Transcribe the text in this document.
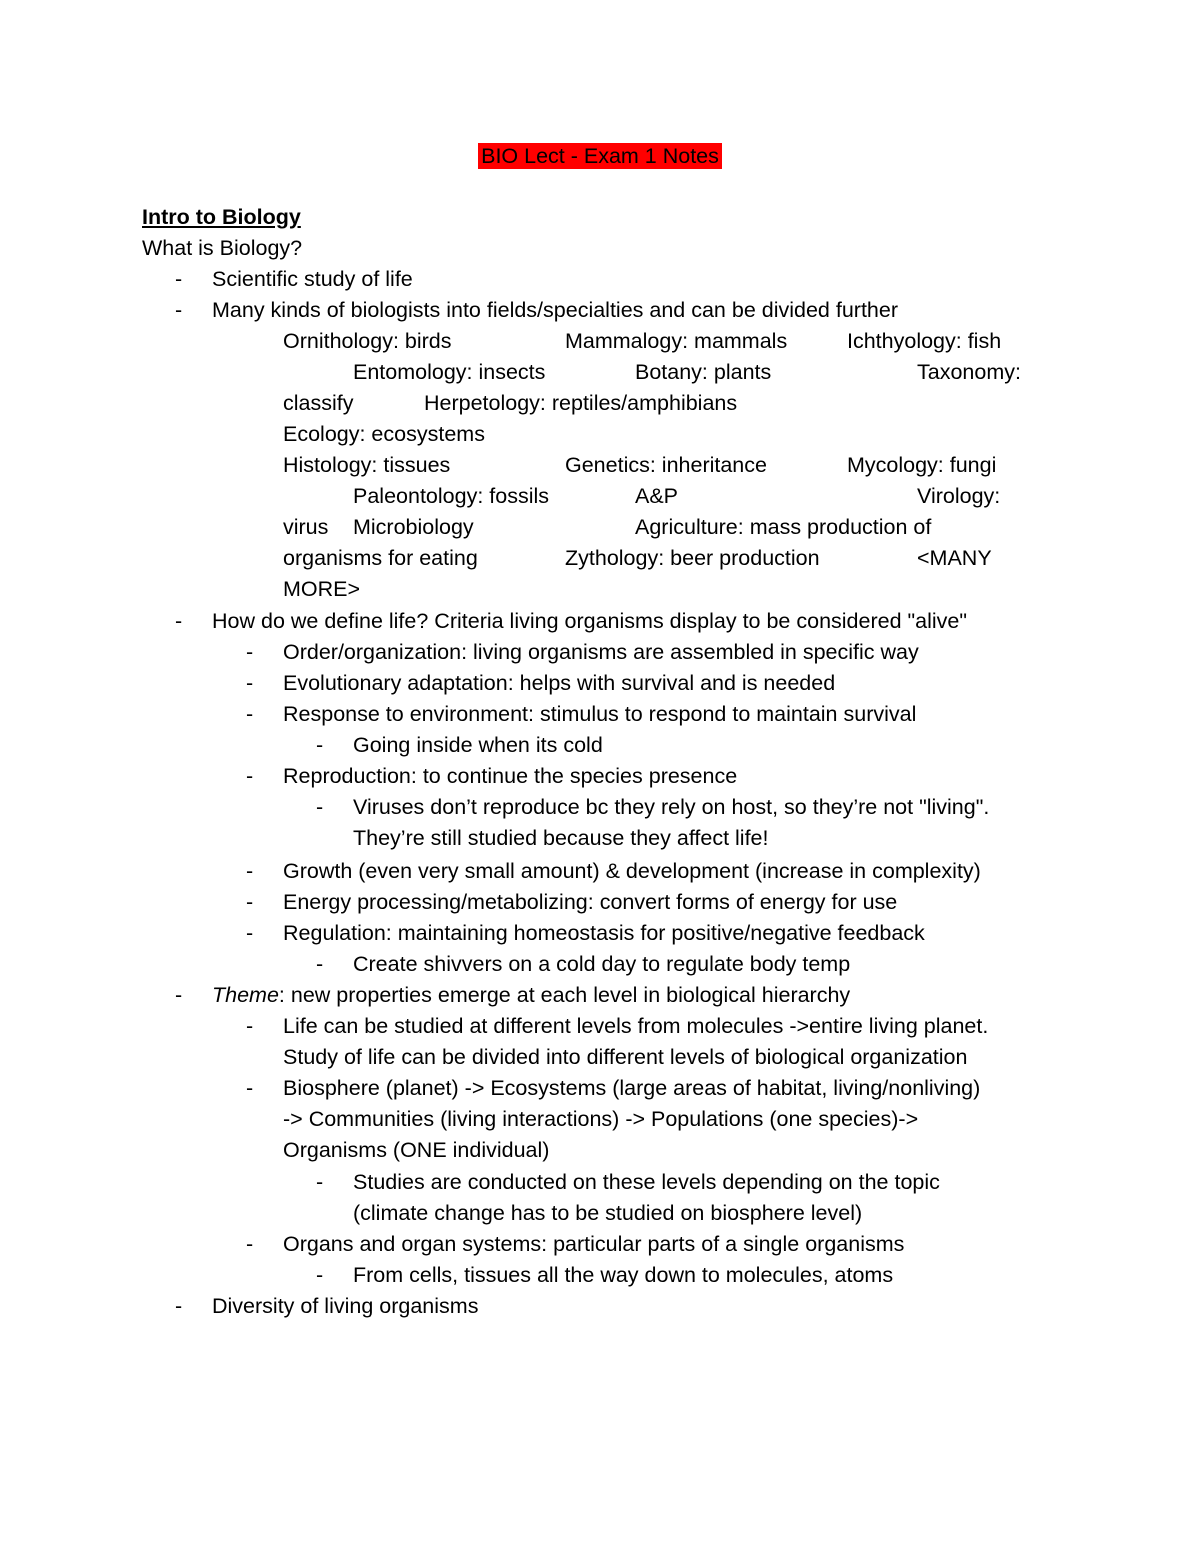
BIO Lect - Exam 1 Notes

Intro to Biology

What is Biology?

-

Scientific study of life

-

Many kinds of biologists into fields/specialties and can be divided further

Ornithology: birds

	Mammalogy: mammals

	Ichthyology: fish

Entomology: insects

	Botany: plants

	Taxonomy:

classify

	Herpetology: reptiles/amphibians

Ecology: ecosystems

Histology: tissues

	Genetics: inheritance

	Mycology: fungi

Paleontology: fossils

	A&P

	Virology:

virus

Microbiology

	Agriculture: mass production of

organisms for eating

	Zythology: beer production

	<MANY

MORE>

-

How do we define life? Criteria living organisms display to be considered "alive"

-

Order/organization: living organisms are assembled in specific way

-

Evolutionary adaptation: helps with survival and is needed

-

Response to environment: stimulus to respond to maintain survival

-

Going inside when its cold

-

Reproduction: to continue the species presence

-

Viruses don’t reproduce bc they rely on host, so they’re not "living".

They’re still studied because they affect life!

-

Growth (even very small amount) & development (increase in complexity)

-

Energy processing/metabolizing: convert forms of energy for use

-

Regulation: maintaining homeostasis for positive/negative feedback

-

Create shivvers on a cold day to regulate body temp

-

Theme: new properties emerge at each level in biological hierarchy

-

Life can be studied at different levels from molecules ->entire living planet.

Study of life can be divided into different levels of biological organization

-

Biosphere (planet) -> Ecosystems (large areas of habitat, living/nonliving)

-> Communities (living interactions) -> Populations (one species)->

Organisms (ONE individual)

-

Studies are conducted on these levels depending on the topic

(climate change has to be studied on biosphere level)

-

Organs and organ systems: particular parts of a single organisms

-

From cells, tissues all the way down to molecules, atoms

-

Diversity of living organisms
